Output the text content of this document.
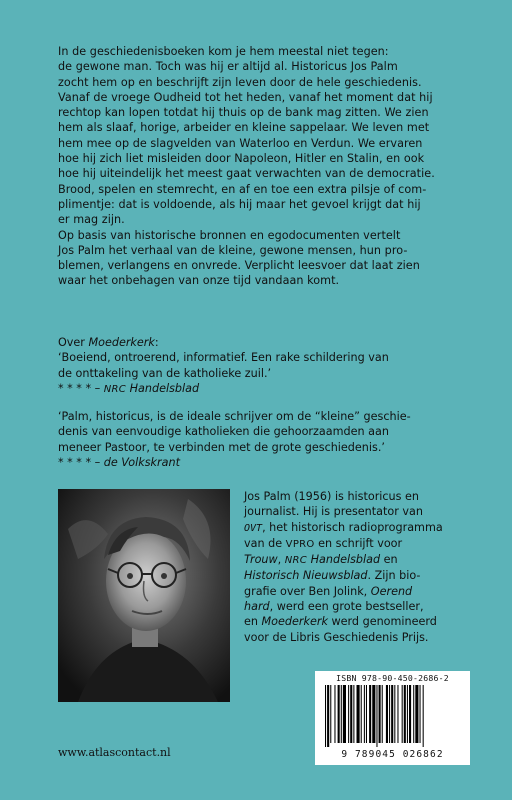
In de geschiedenisboeken kom je hem meestal niet tegen:

de gewone man. Toch was hij er altijd al. Historicus Jos Palm

zocht hem op en beschrijft zijn leven door de hele geschiedenis.

Vanaf de vroege Oudheid tot het heden, vanaf het moment dat hij

rechtop kan lopen totdat hij thuis op de bank mag zitten. We zien

hem als slaaf, horige, arbeider en kleine sappelaar. We leven met

hem mee op de slagvelden van Waterloo en Verdun. We ervaren

hoe hij zich liet misleiden door Napoleon, Hitler en Stalin, en ook

hoe hij uiteindelijk het meest gaat verwachten van de democratie.

Brood, spelen en stemrecht, en af en toe een extra pilsje of com-

plimentje: dat is voldoende, als hij maar het gevoel krijgt dat hij

er mag zijn.

Op basis van historische bronnen en egodocumenten vertelt

Jos Palm het verhaal van de kleine, gewone mensen, hun pro-

blemen, verlangens en onvrede. Verplicht leesvoer dat laat zien

waar het onbehagen van onze tijd vandaan komt.

Over Moederkerk:

‘Boeiend, ontroerend, informatief. Een rake schildering van

de onttakeling van de katholieke zuil.’

* * * * – NRC Handelsblad

‘Palm, historicus, is de ideale schrijver om de “kleine” geschie-

denis van eenvoudige katholieken die gehoorzaamden aan

meneer Pastoor, te verbinden met de grote geschiedenis.’

* * * * – de Volkskrant

Jos Palm (1956) is historicus en
journalist. Hij is presentator van
OVT, het historisch radioprogramma
van de VPRO en schrijft voor
Trouw, NRC Handelsblad en
Historisch Nieuwsblad. Zijn bio-
grafie over Ben Jolink, Oerend
hard, werd een grote bestseller,
en Moederkerk werd genomineerd
voor de Libris Geschiedenis Prijs.
ISBN 978-90-450-2686-2
9 789045 026862
www.atlascontact.nl
